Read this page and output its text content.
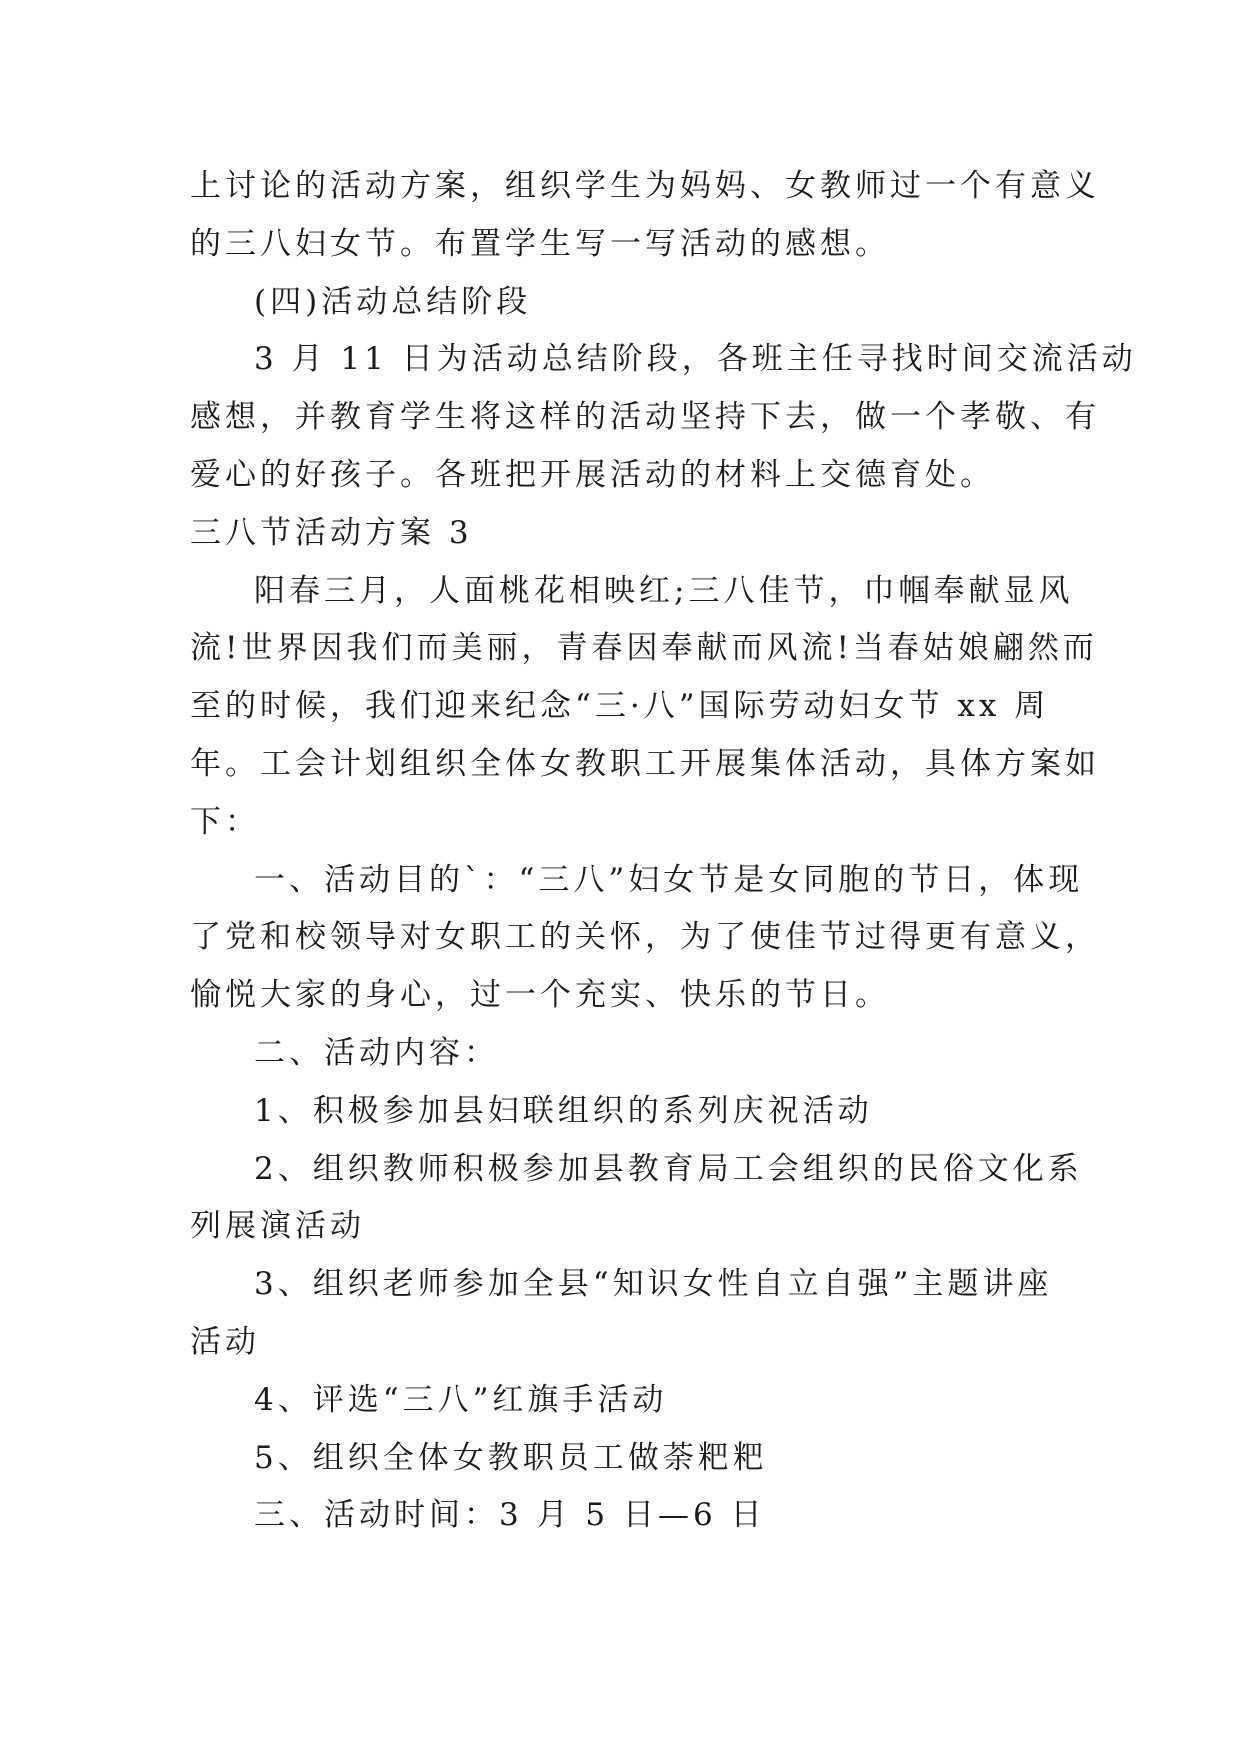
上讨论的活动方案，组织学生为妈妈、女教师过一个有意义
的三八妇女节。布置学生写一写活动的感想。
(四)活动总结阶段
3 月 11 日为活动总结阶段，各班主任寻找时间交流活动
感想，并教育学生将这样的活动坚持下去，做一个孝敬、有
爱心的好孩子。各班把开展活动的材料上交德育处。
三八节活动方案 3
阳春三月，人面桃花相映红;三八佳节，巾帼奉献显风
流!世界因我们而美丽，青春因奉献而风流!当春姑娘翩然而
至的时候，我们迎来纪念“三·八”国际劳动妇女节 xx 周
年。工会计划组织全体女教职工开展集体活动，具体方案如
下：
一、活动目的`：“三八”妇女节是女同胞的节日，体现
了党和校领导对女职工的关怀，为了使佳节过得更有意义，
愉悦大家的身心，过一个充实、快乐的节日。
二、活动内容：
1、积极参加县妇联组织的系列庆祝活动
2、组织教师积极参加县教育局工会组织的民俗文化系
列展演活动
3、组织老师参加全县“知识女性自立自强”主题讲座
活动
4、评选“三八”红旗手活动
5、组织全体女教职员工做荼粑粑
三、活动时间：3 月 5 日—6 日
